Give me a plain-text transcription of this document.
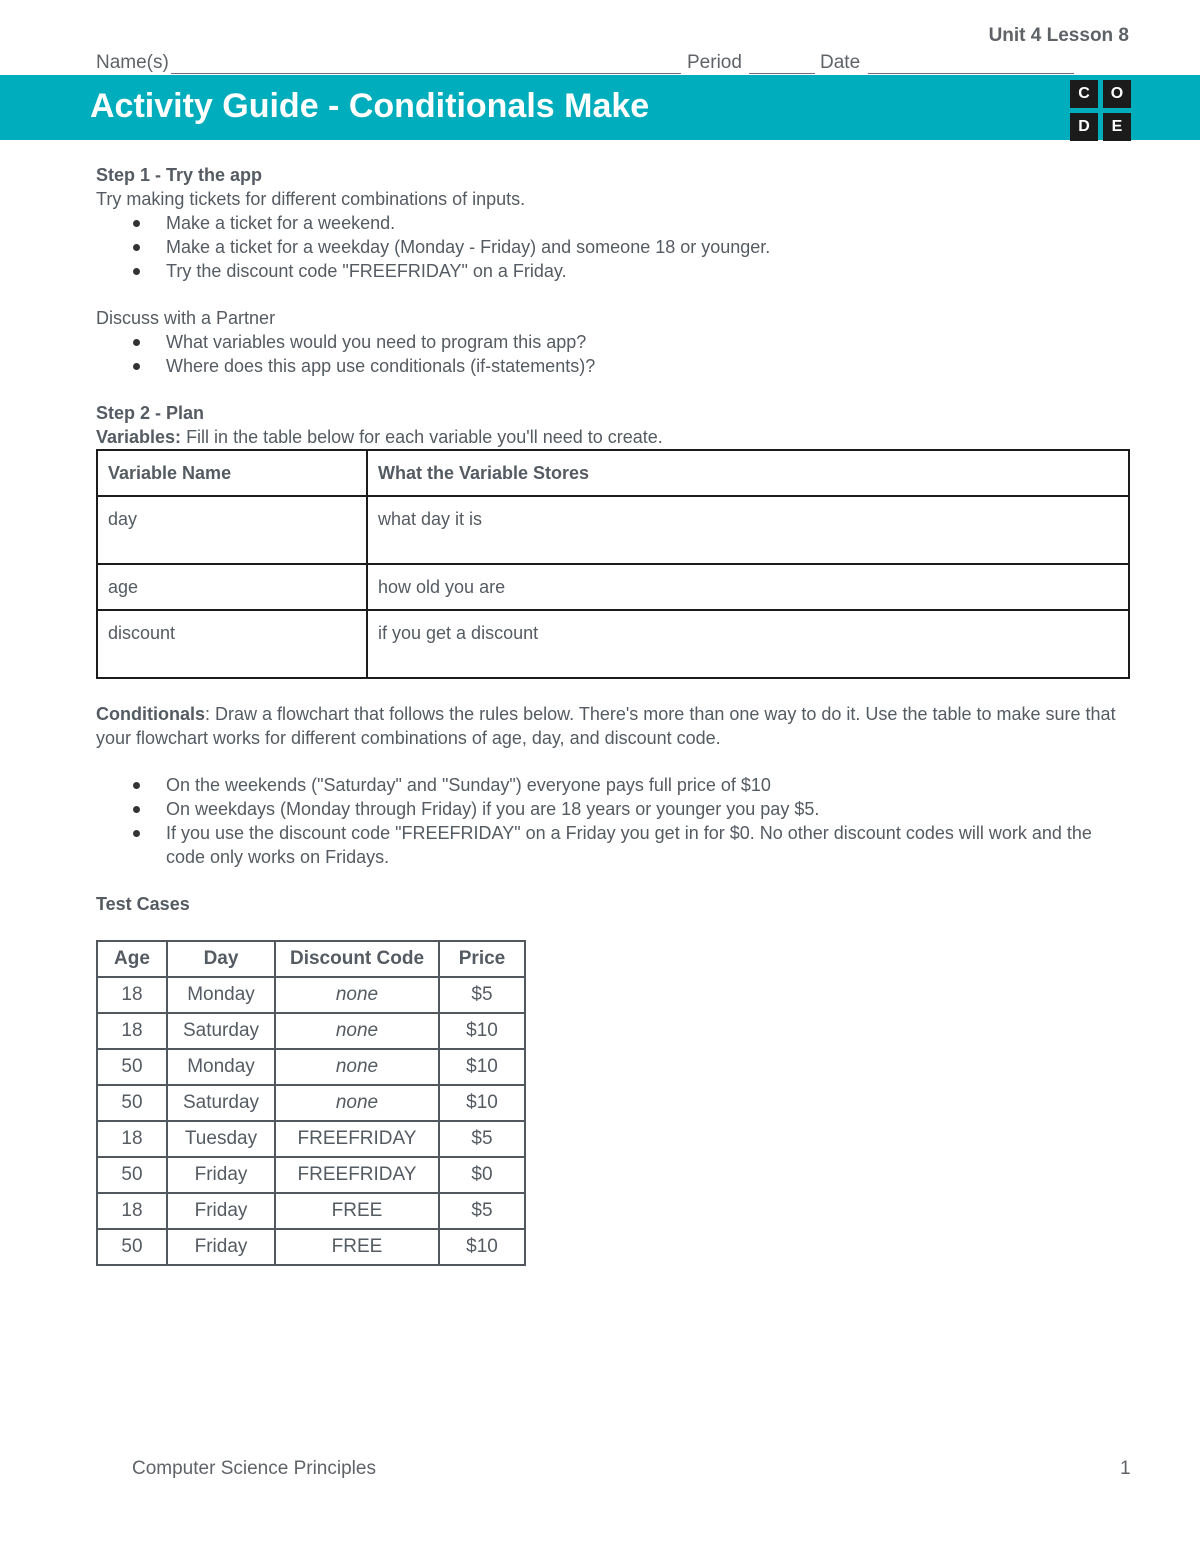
Unit 4 Lesson 8
Name(s)	Period	Date
Activity Guide - Conditionals Make	C	O
D	E
Step 1 - Try the app
Try making tickets for different combinations of inputs.
Make a ticket for a weekend.
Make a ticket for a weekday (Monday - Friday) and someone 18 or younger.
Try the discount code "FREEFRIDAY" on a Friday.
Discuss with a Partner
What variables would you need to program this app?
Where does this app use conditionals (if-statements)?
Step 2 - Plan
Variables: Fill in the table below for each variable you'll need to create.
Variable Name	What the Variable Stores
day	what day it is
age	how old you are
discount	if you get a discount
Conditionals: Draw a flowchart that follows the rules below. There's more than one way to do it. Use the table to make sure that your flowchart works for different combinations of age, day, and discount code.
On the weekends ("Saturday" and "Sunday") everyone pays full price of $10
On weekdays (Monday through Friday) if you are 18 years or younger you pay $5.
If you use the discount code "FREEFRIDAY" on a Friday you get in for $0. No other discount codes will work and the code only works on Fridays.
Test Cases
Age	Day	Discount Code	Price
18	Monday	none	$5
18	Saturday	none	$10
50	Monday	none	$10
50	Saturday	none	$10
18	Tuesday	FREEFRIDAY	$5
50	Friday	FREEFRIDAY	$0
18	Friday	FREE	$5
50	Friday	FREE	$10
Computer Science Principles	1
